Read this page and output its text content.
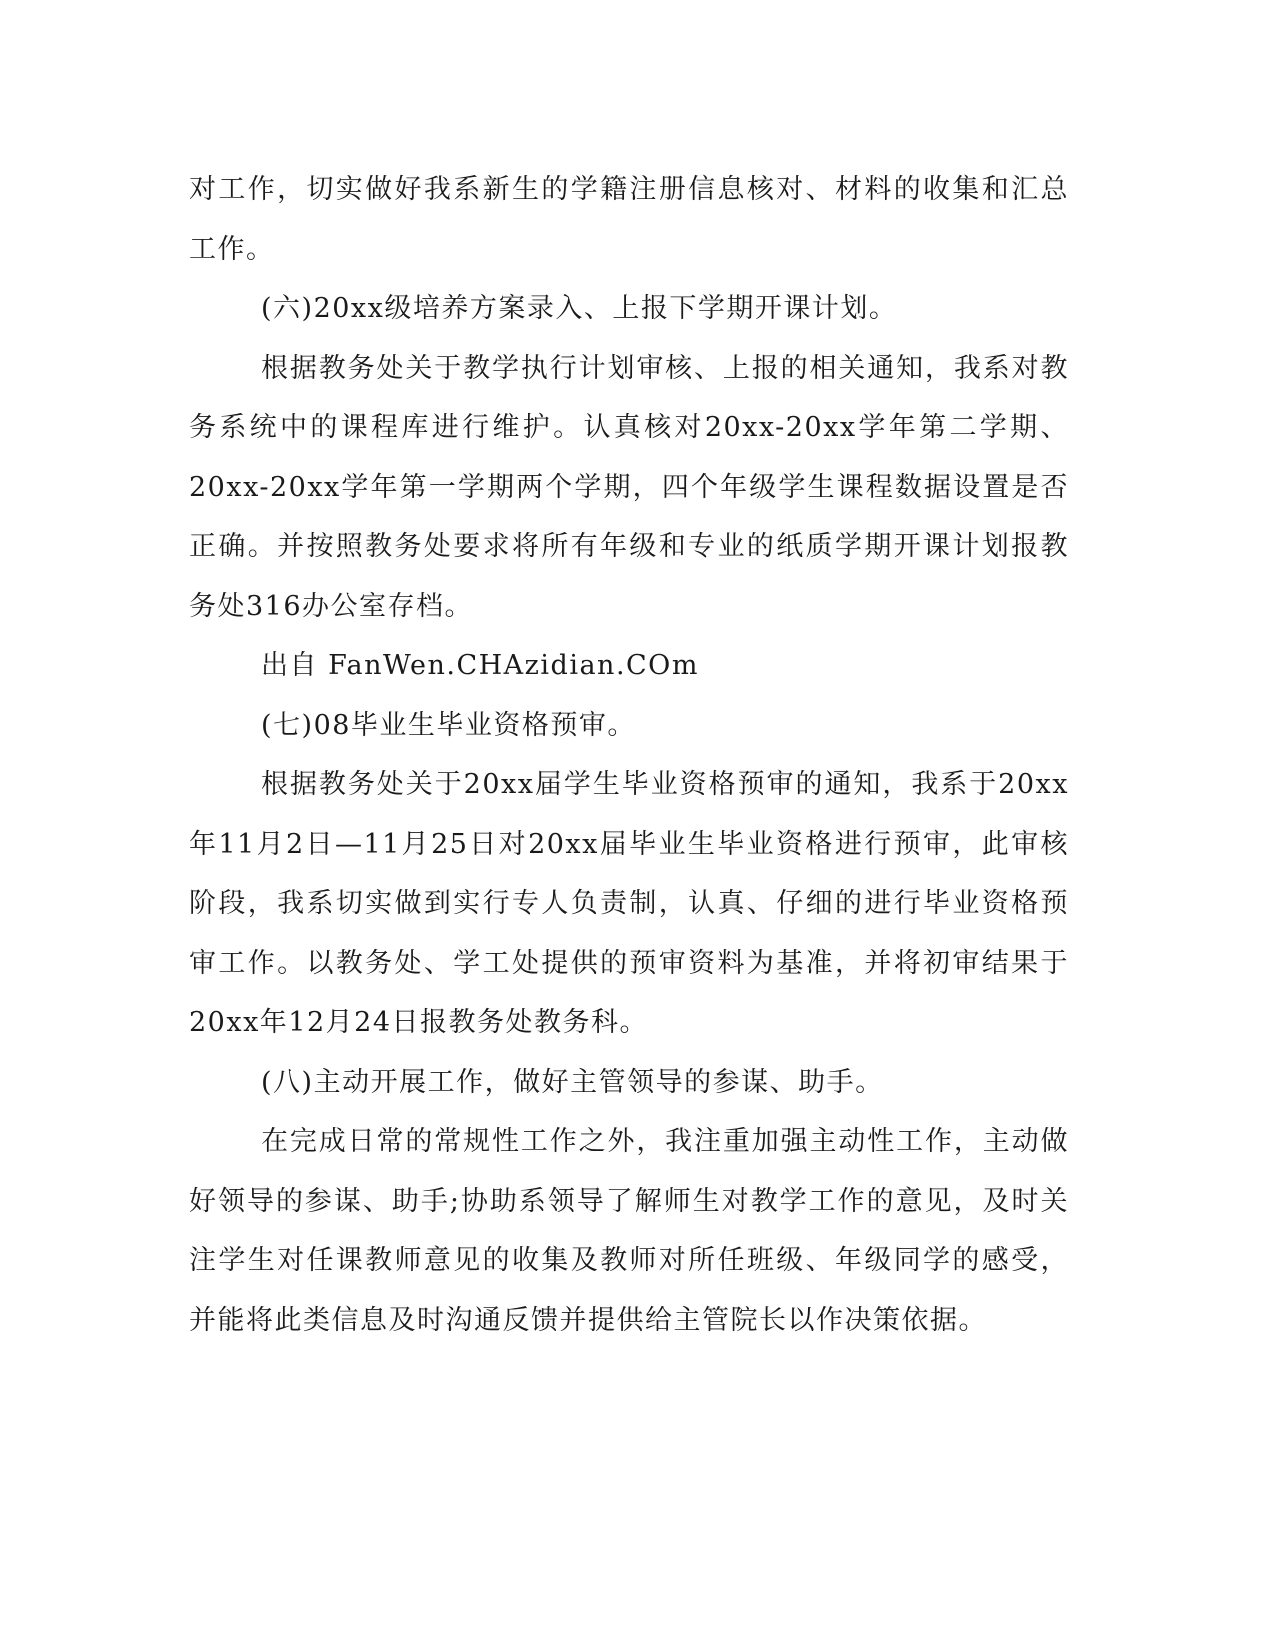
对工作，切实做好我系新生的学籍注册信息核对、材料的收集和汇总工作。

(六)20xx级培养方案录入、上报下学期开课计划。

根据教务处关于教学执行计划审核、上报的相关通知，我系对教务系统中的课程库进行维护。认真核对20xx-20xx学年第二学期、20xx-20xx学年第一学期两个学期，四个年级学生课程数据设置是否正确。并按照教务处要求将所有年级和专业的纸质学期开课计划报教务处316办公室存档。

出自 FanWen.CHAzidian.COm

(七)08毕业生毕业资格预审。

根据教务处关于20xx届学生毕业资格预审的通知，我系于20xx年11月2日—11月25日对20xx届毕业生毕业资格进行预审，此审核阶段，我系切实做到实行专人负责制，认真、仔细的进行毕业资格预审工作。以教务处、学工处提供的预审资料为基准，并将初审结果于20xx年12月24日报教务处教务科。

(八)主动开展工作，做好主管领导的参谋、助手。

在完成日常的常规性工作之外，我注重加强主动性工作，主动做好领导的参谋、助手;协助系领导了解师生对教学工作的意见，及时关注学生对任课教师意见的收集及教师对所任班级、年级同学的感受，并能将此类信息及时沟通反馈并提供给主管院长以作决策依据。
